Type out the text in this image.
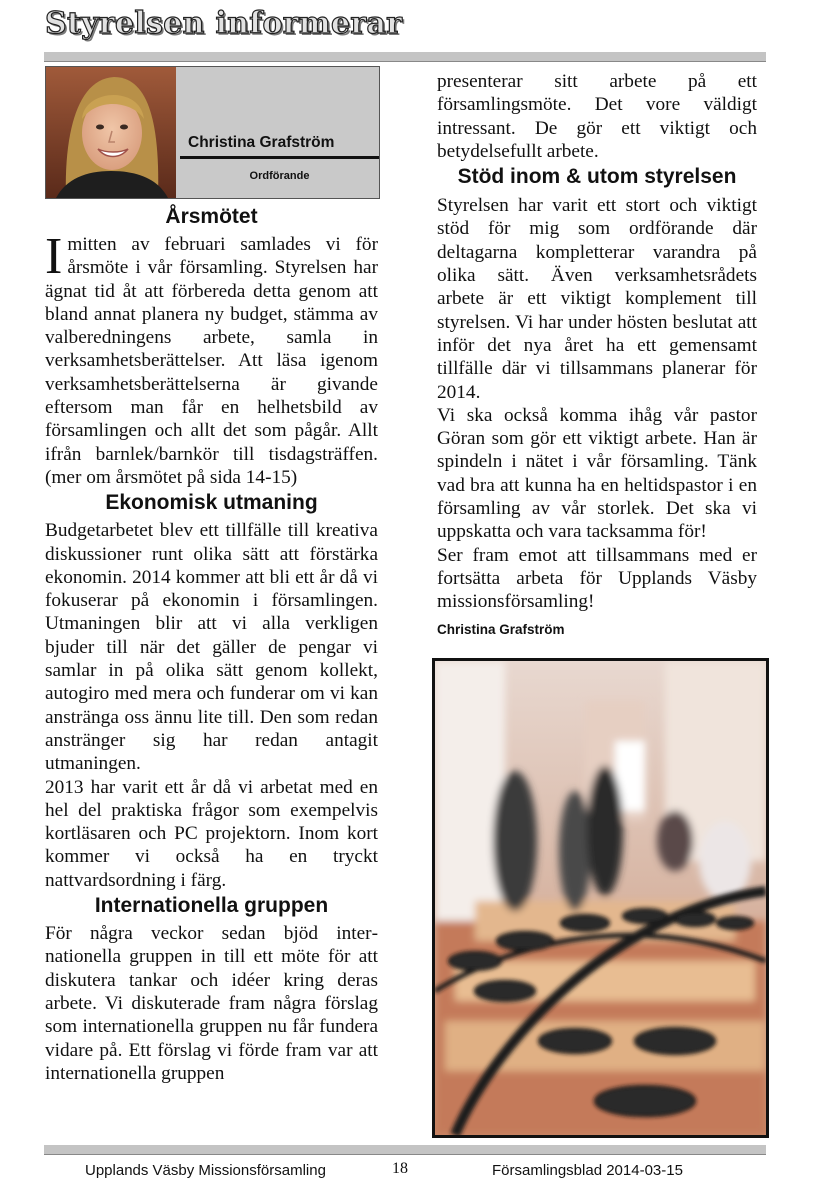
Styrelsen informerar
Christina Grafström
Ordförande
Årsmötet

Imitten av februari samlades vi för årsmöte i vår församling. Styrelsen har ägnat tid åt att förbereda detta genom att bland annat planera ny budget, stämma av valberedningens arbete, samla in verksamhetsberättelser. Att läsa igenom verksamhetsberättelserna är givande eftersom man får en helhetsbild av församlingen och allt det som pågår. Allt ifrån barnlek/barnkör till tisdagsträffen. (mer om årsmötet på sida 14-15)

Ekonomisk utmaning

Budgetarbetet blev ett tillfälle till kreativa diskussioner runt olika sätt att förstärka ekonomin. 2014 kommer att bli ett år då vi fokuserar på ekonomin i församlingen. Utmaningen blir att vi alla verkligen bjuder till när det gäller de pengar vi samlar in på olika sätt genom kollekt, autogiro med mera och funderar om vi kan anstränga oss ännu lite till. Den som redan anstränger sig har redan antagit utmaningen.

2013 har varit ett år då vi arbetat med en hel del praktiska frågor som exempelvis kortläsaren och PC projektorn. Inom kort kommer vi också ha en tryckt nattvardsordning i färg.

Internationella gruppen

För några veckor sedan bjöd internationella gruppen in till ett möte för att diskutera tankar och idéer kring deras arbete. Vi diskuterade fram några förslag som internationella gruppen nu får fundera vidare på. Ett förslag vi förde fram var att internationella gruppen

presenterar sitt arbete på ett församlingsmöte. Det vore väldigt intressant. De gör ett viktigt och betydelsefullt arbete.

Stöd inom & utom styrelsen

Styrelsen har varit ett stort och viktigt stöd för mig som ordförande där deltagarna kompletterar varandra på olika sätt. Även verksamhetsrådets arbete är ett viktigt komplement till styrelsen. Vi har under hösten beslutat att inför det nya året ha ett gemensamt tillfälle där vi tillsammans planerar för 2014.

Vi ska också komma ihåg vår pastor Göran som gör ett viktigt arbete. Han är spindeln i nätet i vår församling. Tänk vad bra att kunna ha en heltidspastor i en församling av vår storlek. Det ska vi uppskatta och vara tacksamma för!

Ser fram emot att tillsammans med er fortsätta arbeta för Upplands Väsby missionsförsamling!

Christina Grafström
Upplands Väsby Missionsförsamling	18	Församlingsblad 2014-03-15
